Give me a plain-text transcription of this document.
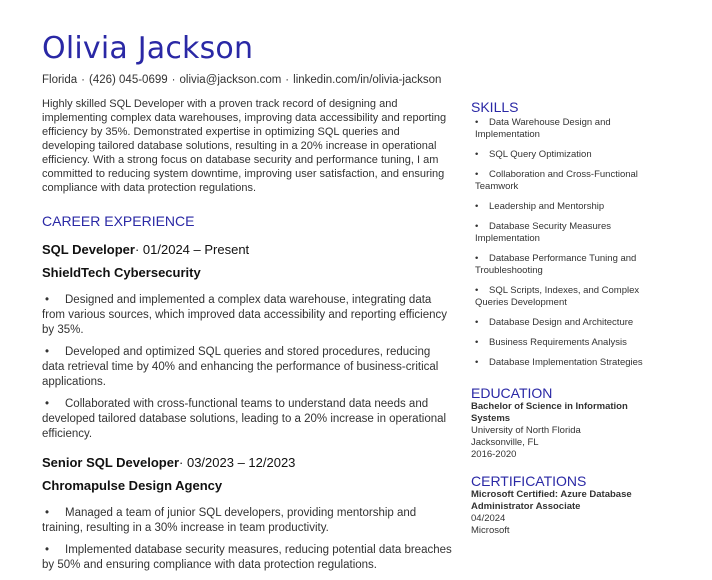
Olivia Jackson
Florida · (426) 045-0699 · olivia@jackson.com · linkedin.com/in/olivia-jackson
Highly skilled SQL Developer with a proven track record of designing and implementing complex data warehouses, improving data accessibility and reporting efficiency by 35%. Demonstrated expertise in optimizing SQL queries and developing tailored database solutions, resulting in a 20% increase in operational efficiency. With a strong focus on database security and performance tuning, I am committed to reducing system downtime, improving user satisfaction, and ensuring compliance with data protection regulations.
CAREER EXPERIENCE
SQL Developer· 01/2024 – Present
ShieldTech Cybersecurity
• Designed and implemented a complex data warehouse, integrating data from various sources, which improved data accessibility and reporting efficiency by 35%.
• Developed and optimized SQL queries and stored procedures, reducing data retrieval time by 40% and enhancing the performance of business-critical applications.
• Collaborated with cross-functional teams to understand data needs and developed tailored database solutions, leading to a 20% increase in operational efficiency.
Senior SQL Developer· 03/2023 – 12/2023
Chromapulse Design Agency
• Managed a team of junior SQL developers, providing mentorship and training, resulting in a 30% increase in team productivity.
• Implemented database security measures, reducing potential data breaches by 50% and ensuring compliance with data protection regulations.
SKILLS
• Data Warehouse Design and Implementation
• SQL Query Optimization
• Collaboration and Cross-Functional Teamwork
• Leadership and Mentorship
• Database Security Measures Implementation
• Database Performance Tuning and Troubleshooting
• SQL Scripts, Indexes, and Complex Queries Development
• Database Design and Architecture
• Business Requirements Analysis
• Database Implementation Strategies
EDUCATION
Bachelor of Science in Information Systems
University of North Florida
Jacksonville, FL
2016-2020
CERTIFICATIONS
Microsoft Certified: Azure Database Administrator Associate
04/2024
Microsoft
